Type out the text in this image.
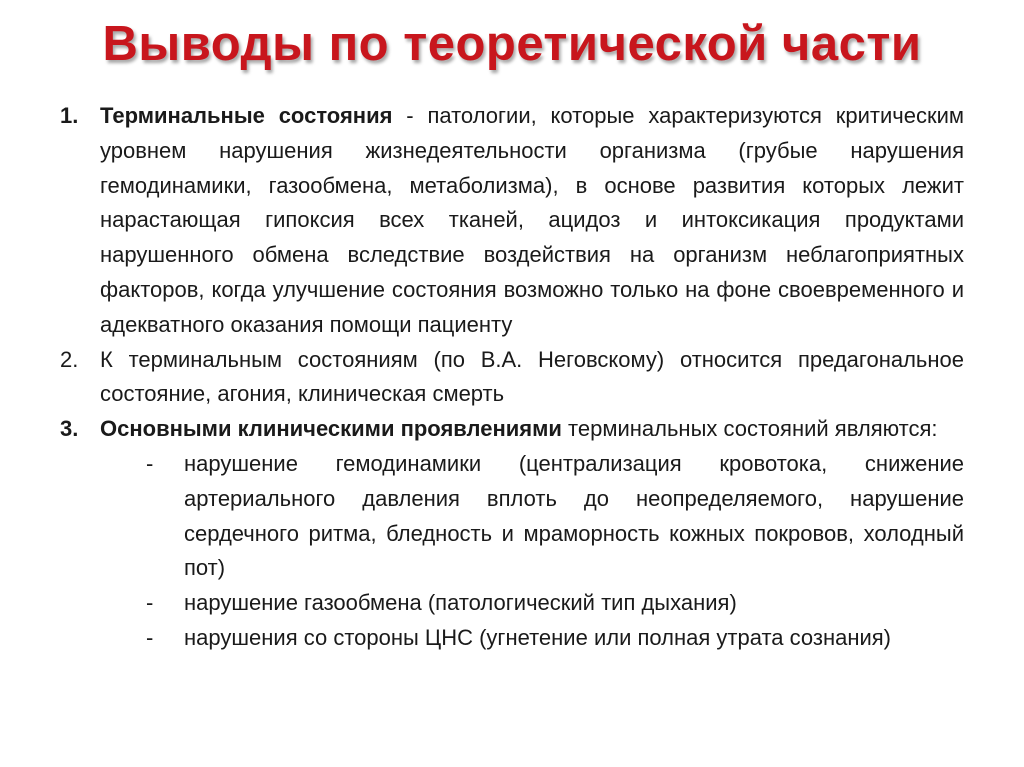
Выводы по теоретической части
1. Терминальные состояния - патологии, которые характеризуются критическим уровнем нарушения жизнедеятельности организма (грубые нарушения гемодинамики, газообмена, метаболизма), в основе развития которых лежит нарастающая гипоксия всех тканей, ацидоз и интоксикация продуктами нарушенного обмена вследствие воздействия на организм неблагоприятных факторов, когда улучшение состояния возможно только на фоне своевременного и адекватного оказания помощи пациенту
2. К терминальным состояниям (по В.А. Неговскому) относится предагональное состояние, агония, клиническая смерть
3. Основными клиническими проявлениями терминальных состояний являются:
- нарушение гемодинамики (централизация кровотока, снижение артериального давления вплоть до неопределяемого, нарушение сердечного ритма, бледность и мраморность кожных покровов, холодный пот)
- нарушение газообмена (патологический тип дыхания)
- нарушения со стороны ЦНС (угнетение или полная утрата сознания)
